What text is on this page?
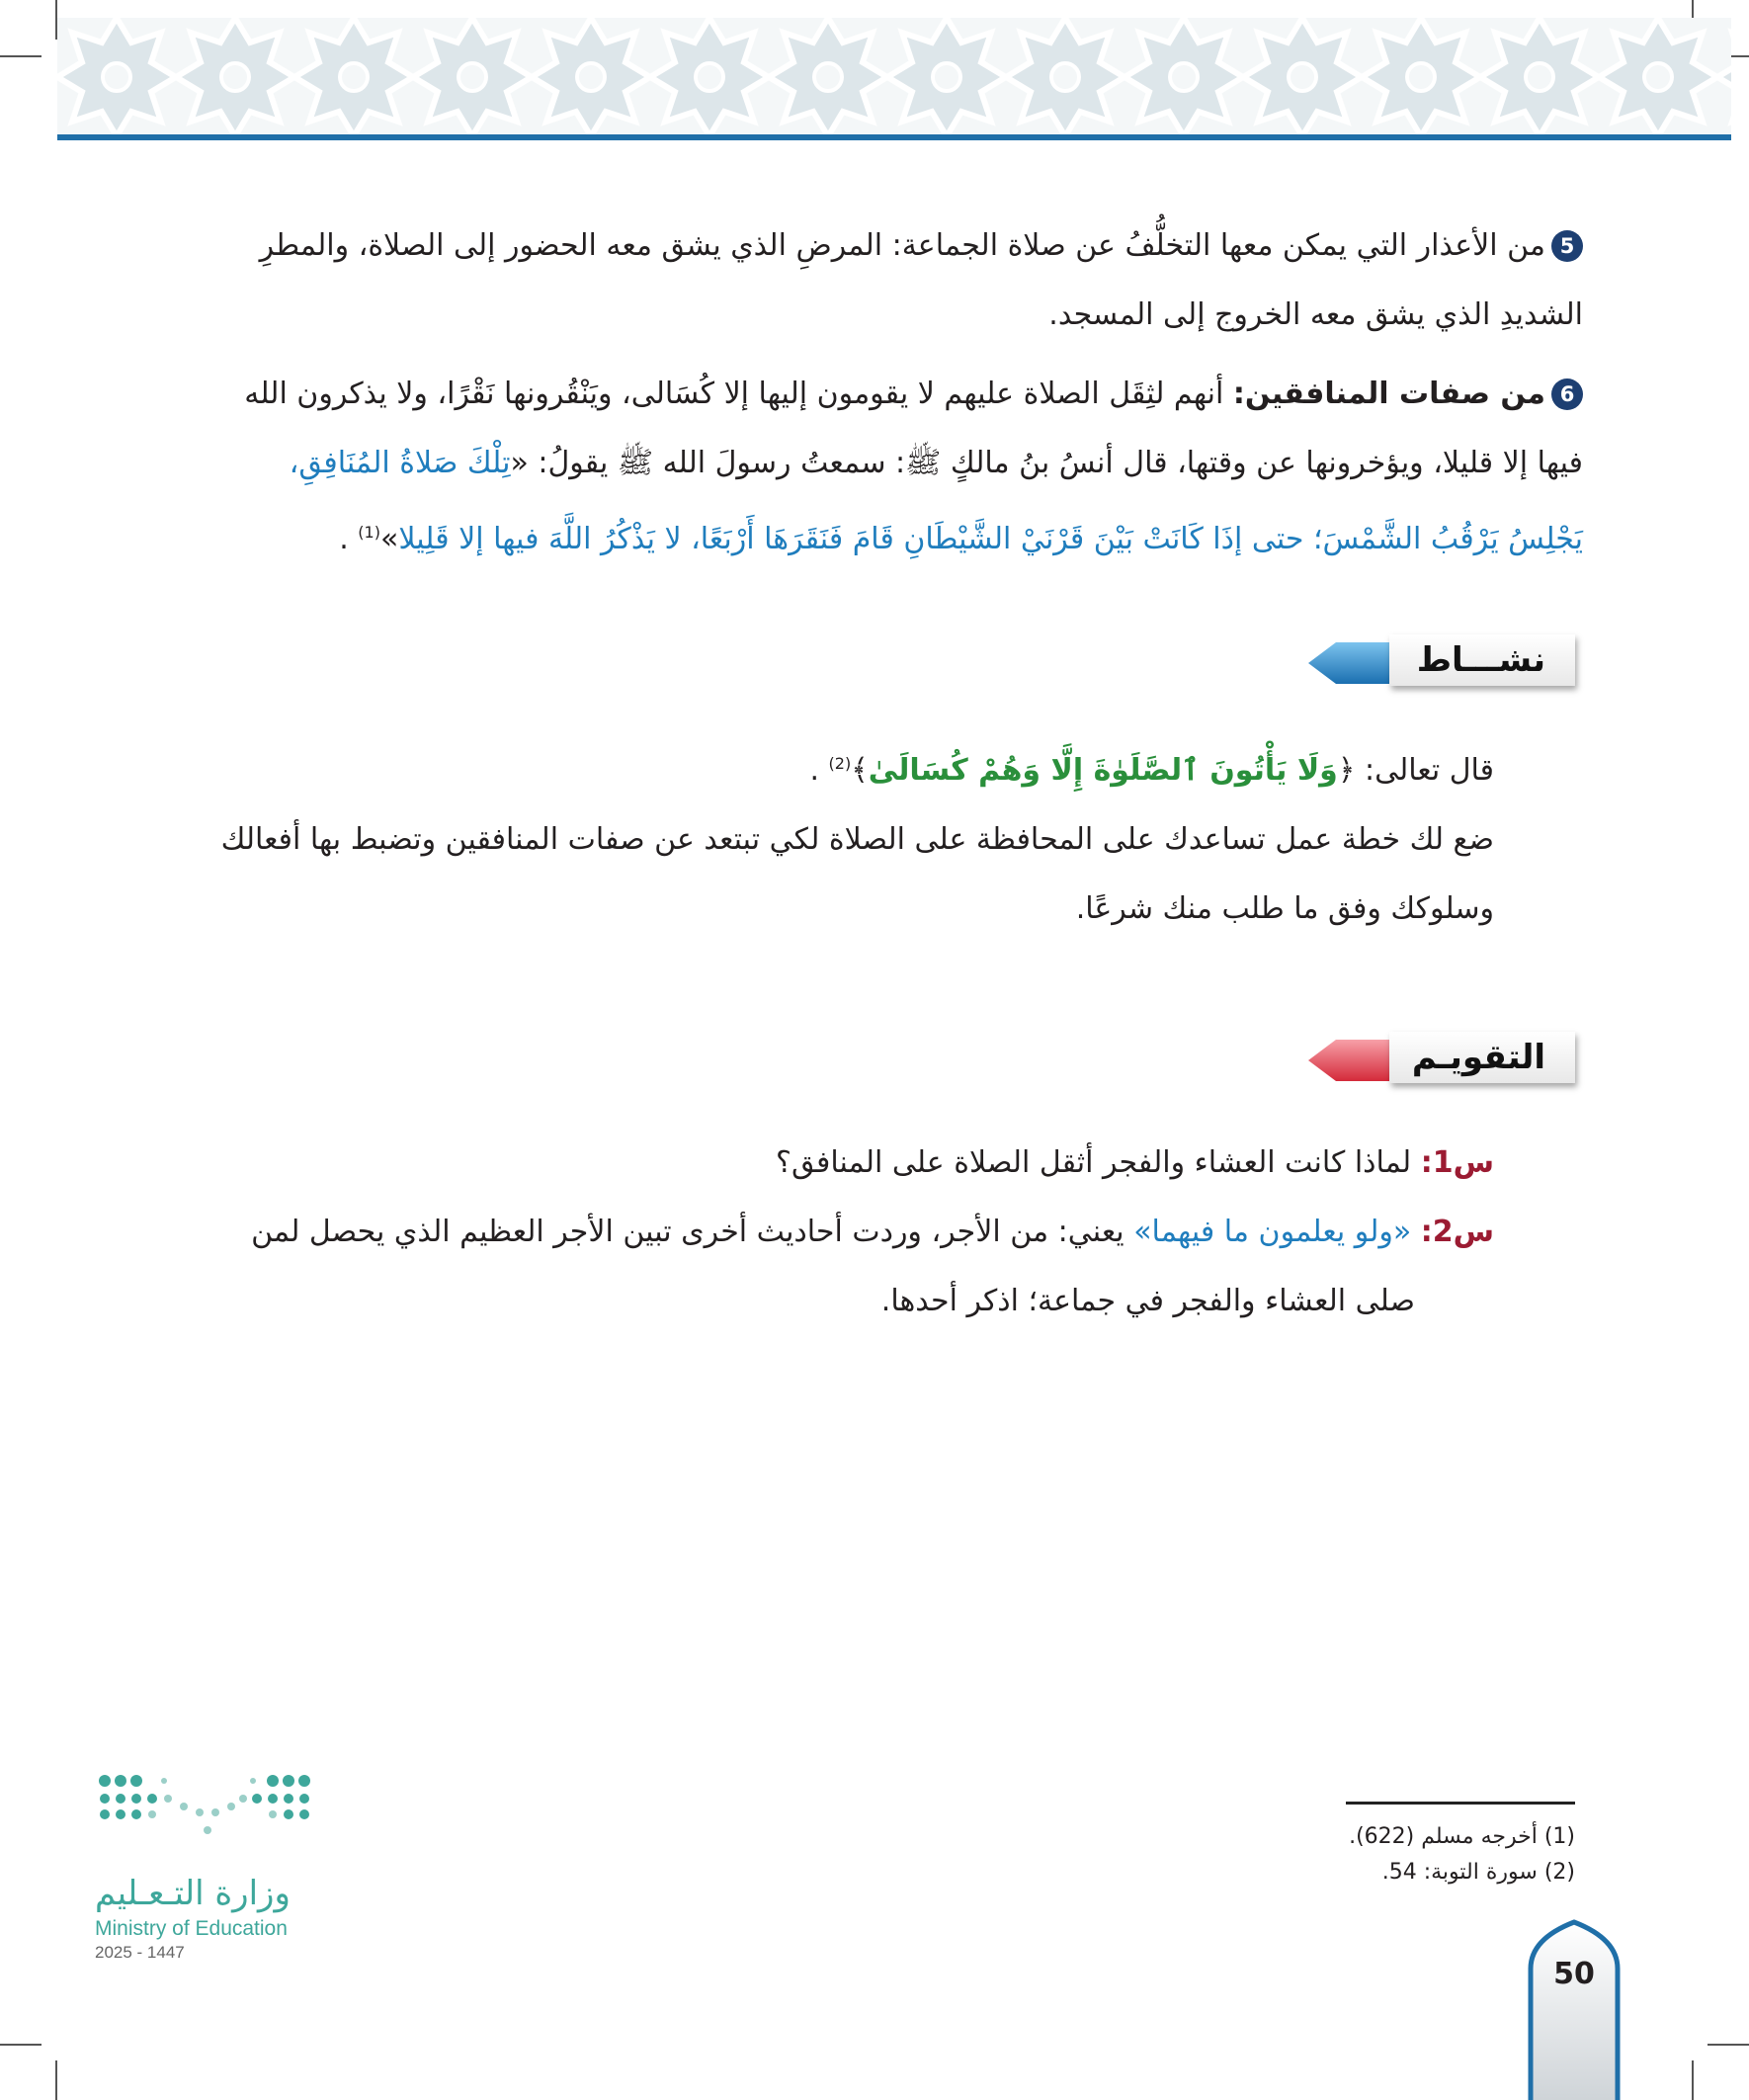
5من الأعذار التي يمكن معها التخلُّفُ عن صلاة الجماعة: المرضِ الذي يشق معه الحضور إلى الصلاة، والمطرِ
الشديدِ الذي يشق معه الخروج إلى المسجد.
6من صفات المنافقين: أنهم لثِقَل الصلاة عليهم لا يقومون إليها إلا كُسَالى، ويَنْقُرونها نَقْرًا، ولا يذكرون الله
فيها إلا قليلا، ويؤخرونها عن وقتها، قال أنسُ بنُ مالكٍ ﷺ: سمعتُ رسولَ الله ﷺ يقولُ: «تِلْكَ صَلاةُ المُنَافِقِ،
يَجْلِسُ يَرْقُبُ الشَّمْسَ؛ حتى إذَا كَانَتْ بَيْنَ قَرْنَيْ الشَّيْطَانِ قَامَ فَنَقَرَهَا أَرْبَعًا، لا يَذْكُرُ اللَّهَ فيها إلا قَلِيلا»$^{(1)}$ .
نشـــاط
قال تعالى: ﴿وَلَا يَأْتُونَ ٱلصَّلَوٰةَ إِلَّا وَهُمْ كُسَالَىٰ﴾$^{(2)}$ .
ضع لك خطة عمل تساعدك على المحافظة على الصلاة لكي تبتعد عن صفات المنافقين وتضبط بها أفعالك
وسلوكك وفق ما طلب منك شرعًا.
التقويـم
س1: لماذا كانت العشاء والفجر أثقل الصلاة على المنافق؟
س2: «ولو يعلمون ما فيهما» يعني: من الأجر، وردت أحاديث أخرى تبين الأجر العظيم الذي يحصل لمن
صلى العشاء والفجر في جماعة؛ اذكر أحدها.
(1) أخرجه مسلم (622).
(2) سورة التوبة: 54.
وزارة التـعـليم
Ministry of Education
2025 - 1447
50
